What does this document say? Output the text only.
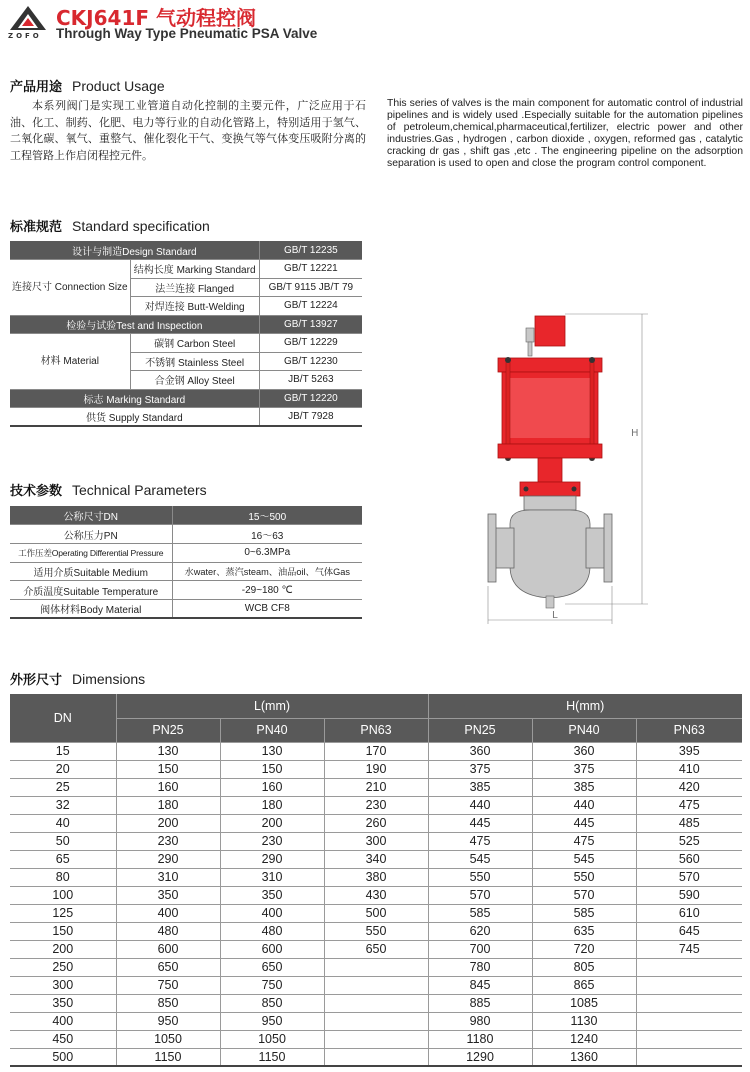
ZOFO
CKJ641F 气动程控阀
Through Way Type Pneumatic PSA Valve
产品用途 Product Usage
本系列阀门是实现工业管道自动化控制的主要元件，广泛应用于石油、化工、制药、化肥、电力等行业的自动化管路上，特别适用于氢气、二氧化碳、氧气、重整气、催化裂化干气、变换气等气体变压吸附分离的工程管路上作启闭程控元件。
This series of valves is the main component for automatic control of industrial pipelines and is widely used .Especially suitable for the automation pipelines of petroleum,chemical,pharmaceutical,fertilizer, electric power and other industries.Gas , hydrogen , carbon dioxide , oxygen, reformed gas , catalytic cracking dr gas , shift gas ,etc . The engineering pipeline on the adsorption separation is used to open and close the program control component.
标准规范 Standard specification
设计与制造Design Standard		GB/T 12235
连接尺寸 Connection Size	结构长度 Marking Standard	GB/T 12221
	法兰连接 Flanged	GB/T 9115 JB/T 79
	对焊连接 Butt-Welding	GB/T 12224
检验与试验Test and Inspection		GB/T 13927
材料 Material	碳钢 Carbon Steel	GB/T 12229
	不锈钢 Stainless Steel	GB/T 12230
	合金钢 Alloy Steel	JB/T 5263
标志 Marking Standard		GB/T 12220
供货 Supply Standard		JB/T 7928
技术参数 Technical Parameters
公称尺寸DN	15～500
公称压力PN	16～63
工作压差Operating Differential Pressure	0~6.3MPa
适用介质Suitable Medium	水water、蒸汽steam、油品oil、气体Gas
介质温度Suitable Temperature	-29~180 ℃
阀体材料Body Material	WCB CF8
H
L
外形尺寸 Dimensions
DN	L(mm)			H(mm)		
	PN25	PN40	PN63	PN25	PN40	PN63
15	130	130	170	360	360	395
20	150	150	190	375	375	410
25	160	160	210	385	385	420
32	180	180	230	440	440	475
40	200	200	260	445	445	485
50	230	230	300	475	475	525
65	290	290	340	545	545	560
80	310	310	380	550	550	570
100	350	350	430	570	570	590
125	400	400	500	585	585	610
150	480	480	550	620	635	645
200	600	600	650	700	720	745
250	650	650		780	805	
300	750	750		845	865	
350	850	850		885	1085	
400	950	950		980	1130	
450	1050	1050		1180	1240	
500	1150	1150		1290	1360	
